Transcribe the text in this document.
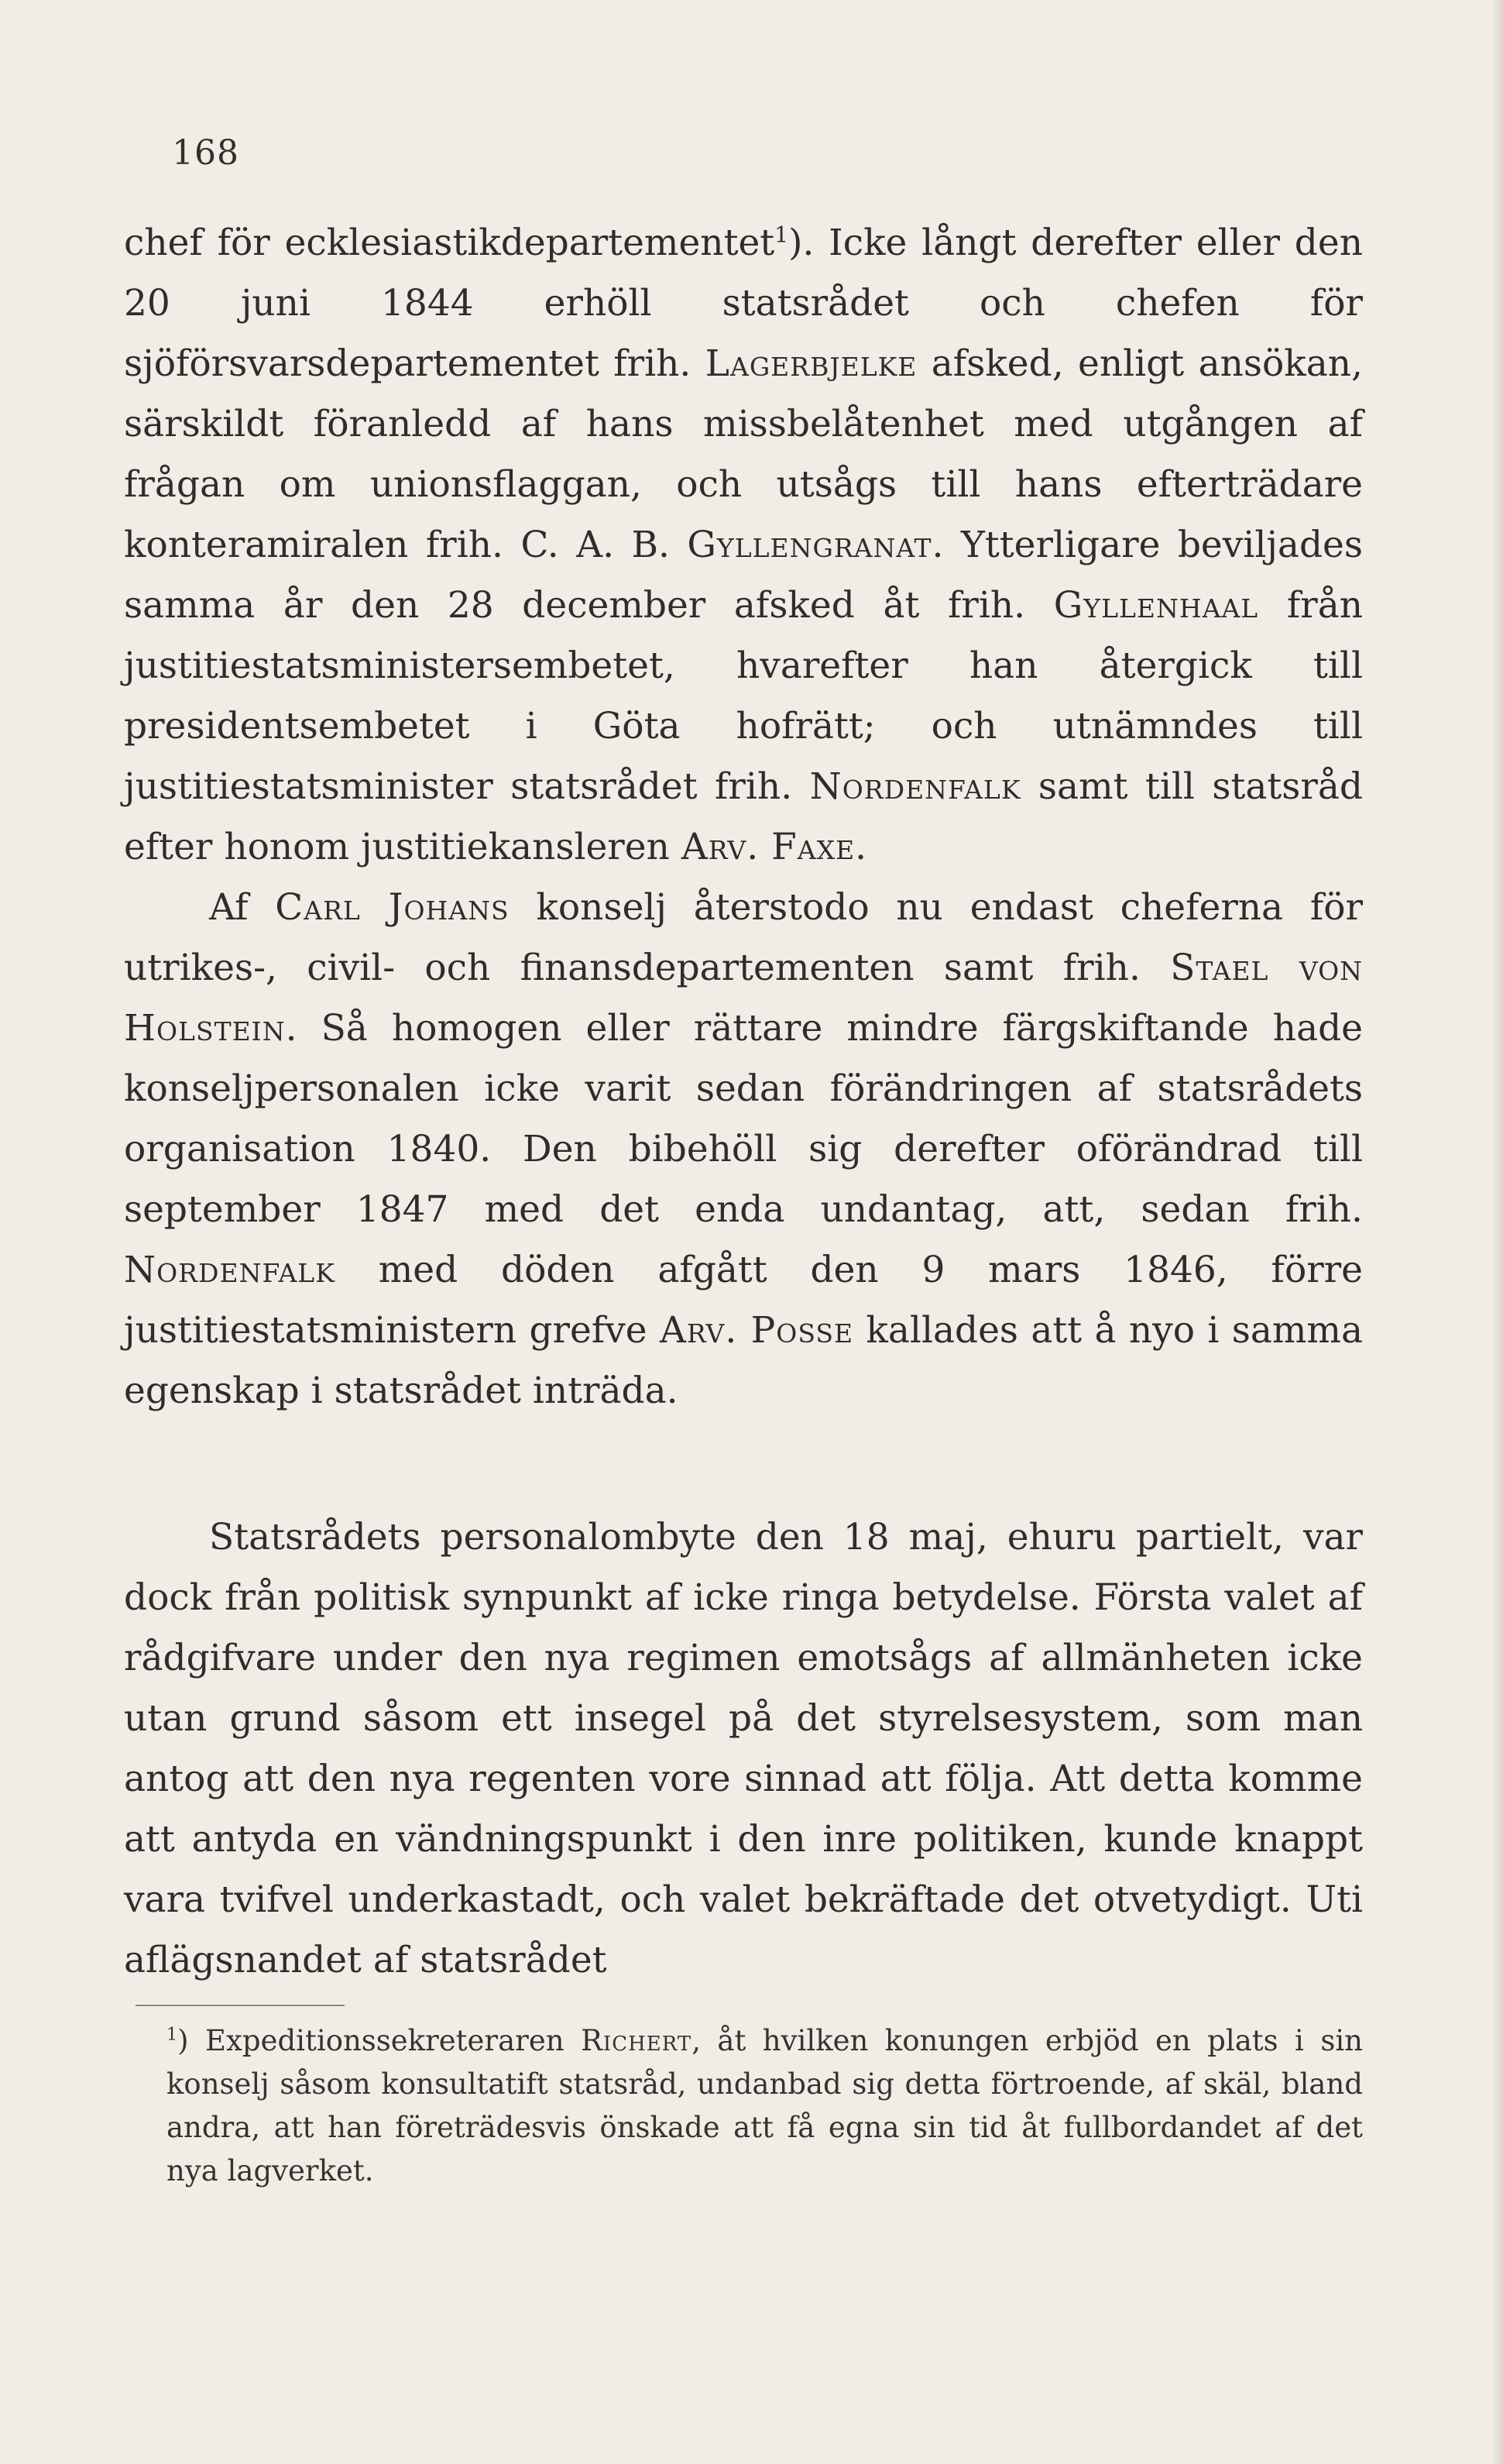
168

chef för ecklesiastikdepartementet$^1$). Icke långt derefter eller den 20 juni 1844 erhöll statsrådet och chefen för sjöförsvarsdepartementet frih. Lagerbjelke afsked, enligt ansökan, särskildt föranledd af hans missbelåtenhet med utgången af frågan om unionsflaggan, och utsågs till hans efterträdare konteramiralen frih. C. A. B. Gyllengranat. Ytterligare beviljades samma år den 28 december afsked åt frih. Gyllenhaal från justitiestatsministersembetet, hvarefter han återgick till presidentsembetet i Göta hofrätt; och utnämndes till justitiestatsminister statsrådet frih. Nordenfalk samt till statsråd efter honom justitiekansleren Arv. Faxe.

Af Carl Johans konselj återstodo nu endast cheferna för utrikes-, civil- och finansdepartementen samt frih. Stael von Holstein. Så homogen eller rättare mindre färgskiftande hade konseljpersonalen icke varit sedan förändringen af statsrådets organisation 1840. Den bibehöll sig derefter oförändrad till september 1847 med det enda undantag, att, sedan frih. Nordenfalk med döden afgått den 9 mars 1846, förre justitiestatsministern grefve Arv. Posse kallades att å nyo i samma egenskap i statsrådet inträda.

Statsrådets personalombyte den 18 maj, ehuru partielt, var dock från politisk synpunkt af icke ringa betydelse. Första valet af rådgifvare under den nya regimen emotsågs af allmänheten icke utan grund såsom ett insegel på det styrelsesystem, som man antog att den nya regenten vore sinnad att följa. Att detta komme att antyda en vändningspunkt i den inre politiken, kunde knappt vara tvifvel underkastadt, och valet bekräftade det otvetydigt. Uti aflägsnandet af statsrådet

$^1$) Expeditionssekreteraren Richert, åt hvilken konungen erbjöd en plats i sin konselj såsom konsultatift statsråd, undanbad sig detta förtroende, af skäl, bland andra, att han företrädesvis önskade att få egna sin tid åt fullbordandet af det nya lagverket.
